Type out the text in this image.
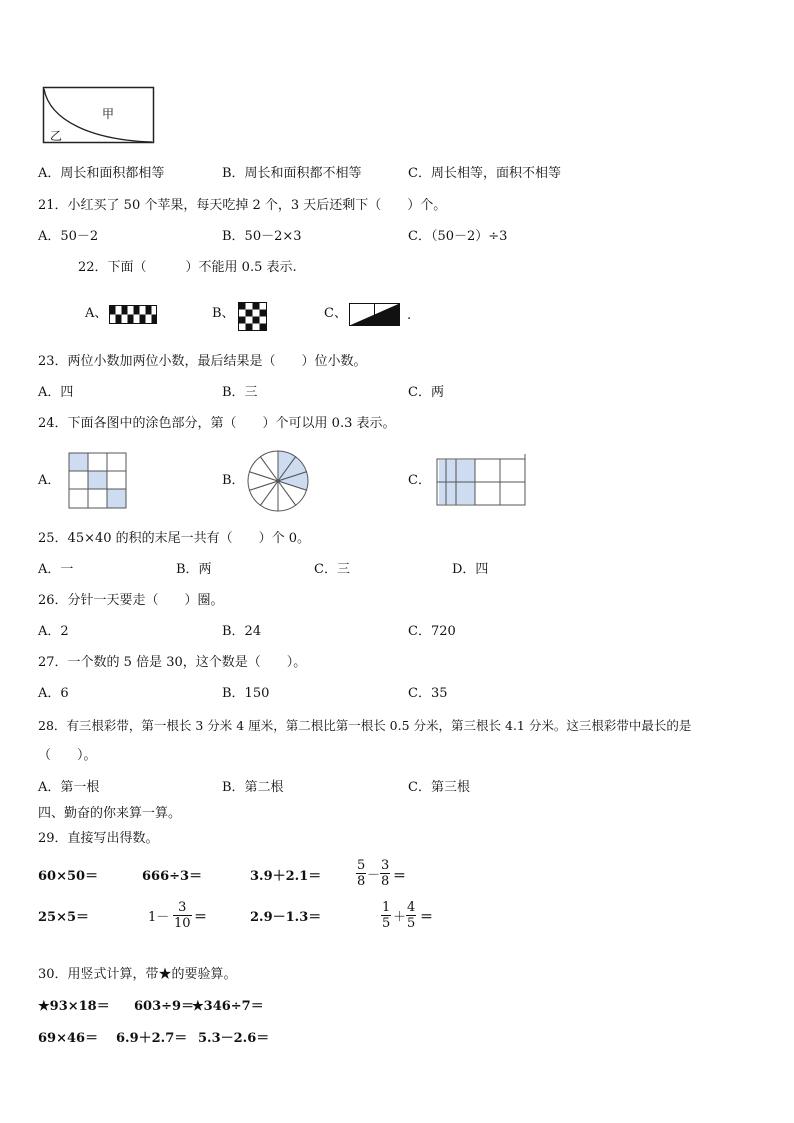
甲
乙
A．周长和面积都相等	B．周长和面积都不相等	C．周长相等，面积不相等
21．小红买了 50 个苹果，每天吃掉 2 个，3 天后还剩下（　　）个。
A．50－2	B．50－2×3	C．（50－2）÷3
22．下面（　　　）不能用 0.5 表示.
A、	B、	C、	.
23．两位小数加两位小数，最后结果是（　　）位小数。
A．四	B．三	C．两
24．下面各图中的涂色部分，第（　　）个可以用 0.3 表示。
A．	B．	C．
25．45×40 的积的末尾一共有（　　）个 0。
A．一	B．两	C．三	D．四
26．分针一天要走（　　）圈。
A．2	B．24	C．720
27．一个数的 5 倍是 30，这个数是（　　）。
A．6	B．150	C．35
28．有三根彩带，第一根长 3 分米 4 厘米，第二根比第一根长 0.5 分米，第三根长 4.1 分米。这三根彩带中最长的是
（　　）。
A．第一根	B．第二根	C．第三根
四、勤奋的你来算一算。
29．直接写出得数。
60×50＝	666÷3＝	3.9＋2.1＝
5
8 －
3
8 ＝
25×5＝	1－
3
10 ＝	2.9－1.3＝
1
5 ＋
4
5 ＝
30．用竖式计算，带★的要验算。
★93×18＝ 603÷9＝
★346÷7＝
69×46＝ 6.9＋2.7＝ 5.3－2.6＝
